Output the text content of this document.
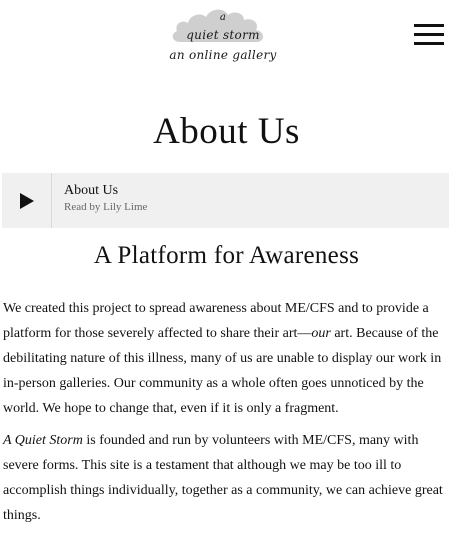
a
quiet storm
an online gallery
About Us
About Us
Read by Lily Lime
A Platform for Awareness

We created this project to spread awareness about ME/CFS and to provide a platform for those severely affected to share their art—our art. Because of the debilitating nature of this illness, many of us are unable to display our work in in-person galleries. Our community as a whole often goes unnoticed by the world. We hope to change that, even if it is only a fragment.

A Quiet Storm is founded and run by volunteers with ME/CFS, many with severe forms. This site is a testament that although we may be too ill to accomplish things individually, together as a community, we can achieve great things.
